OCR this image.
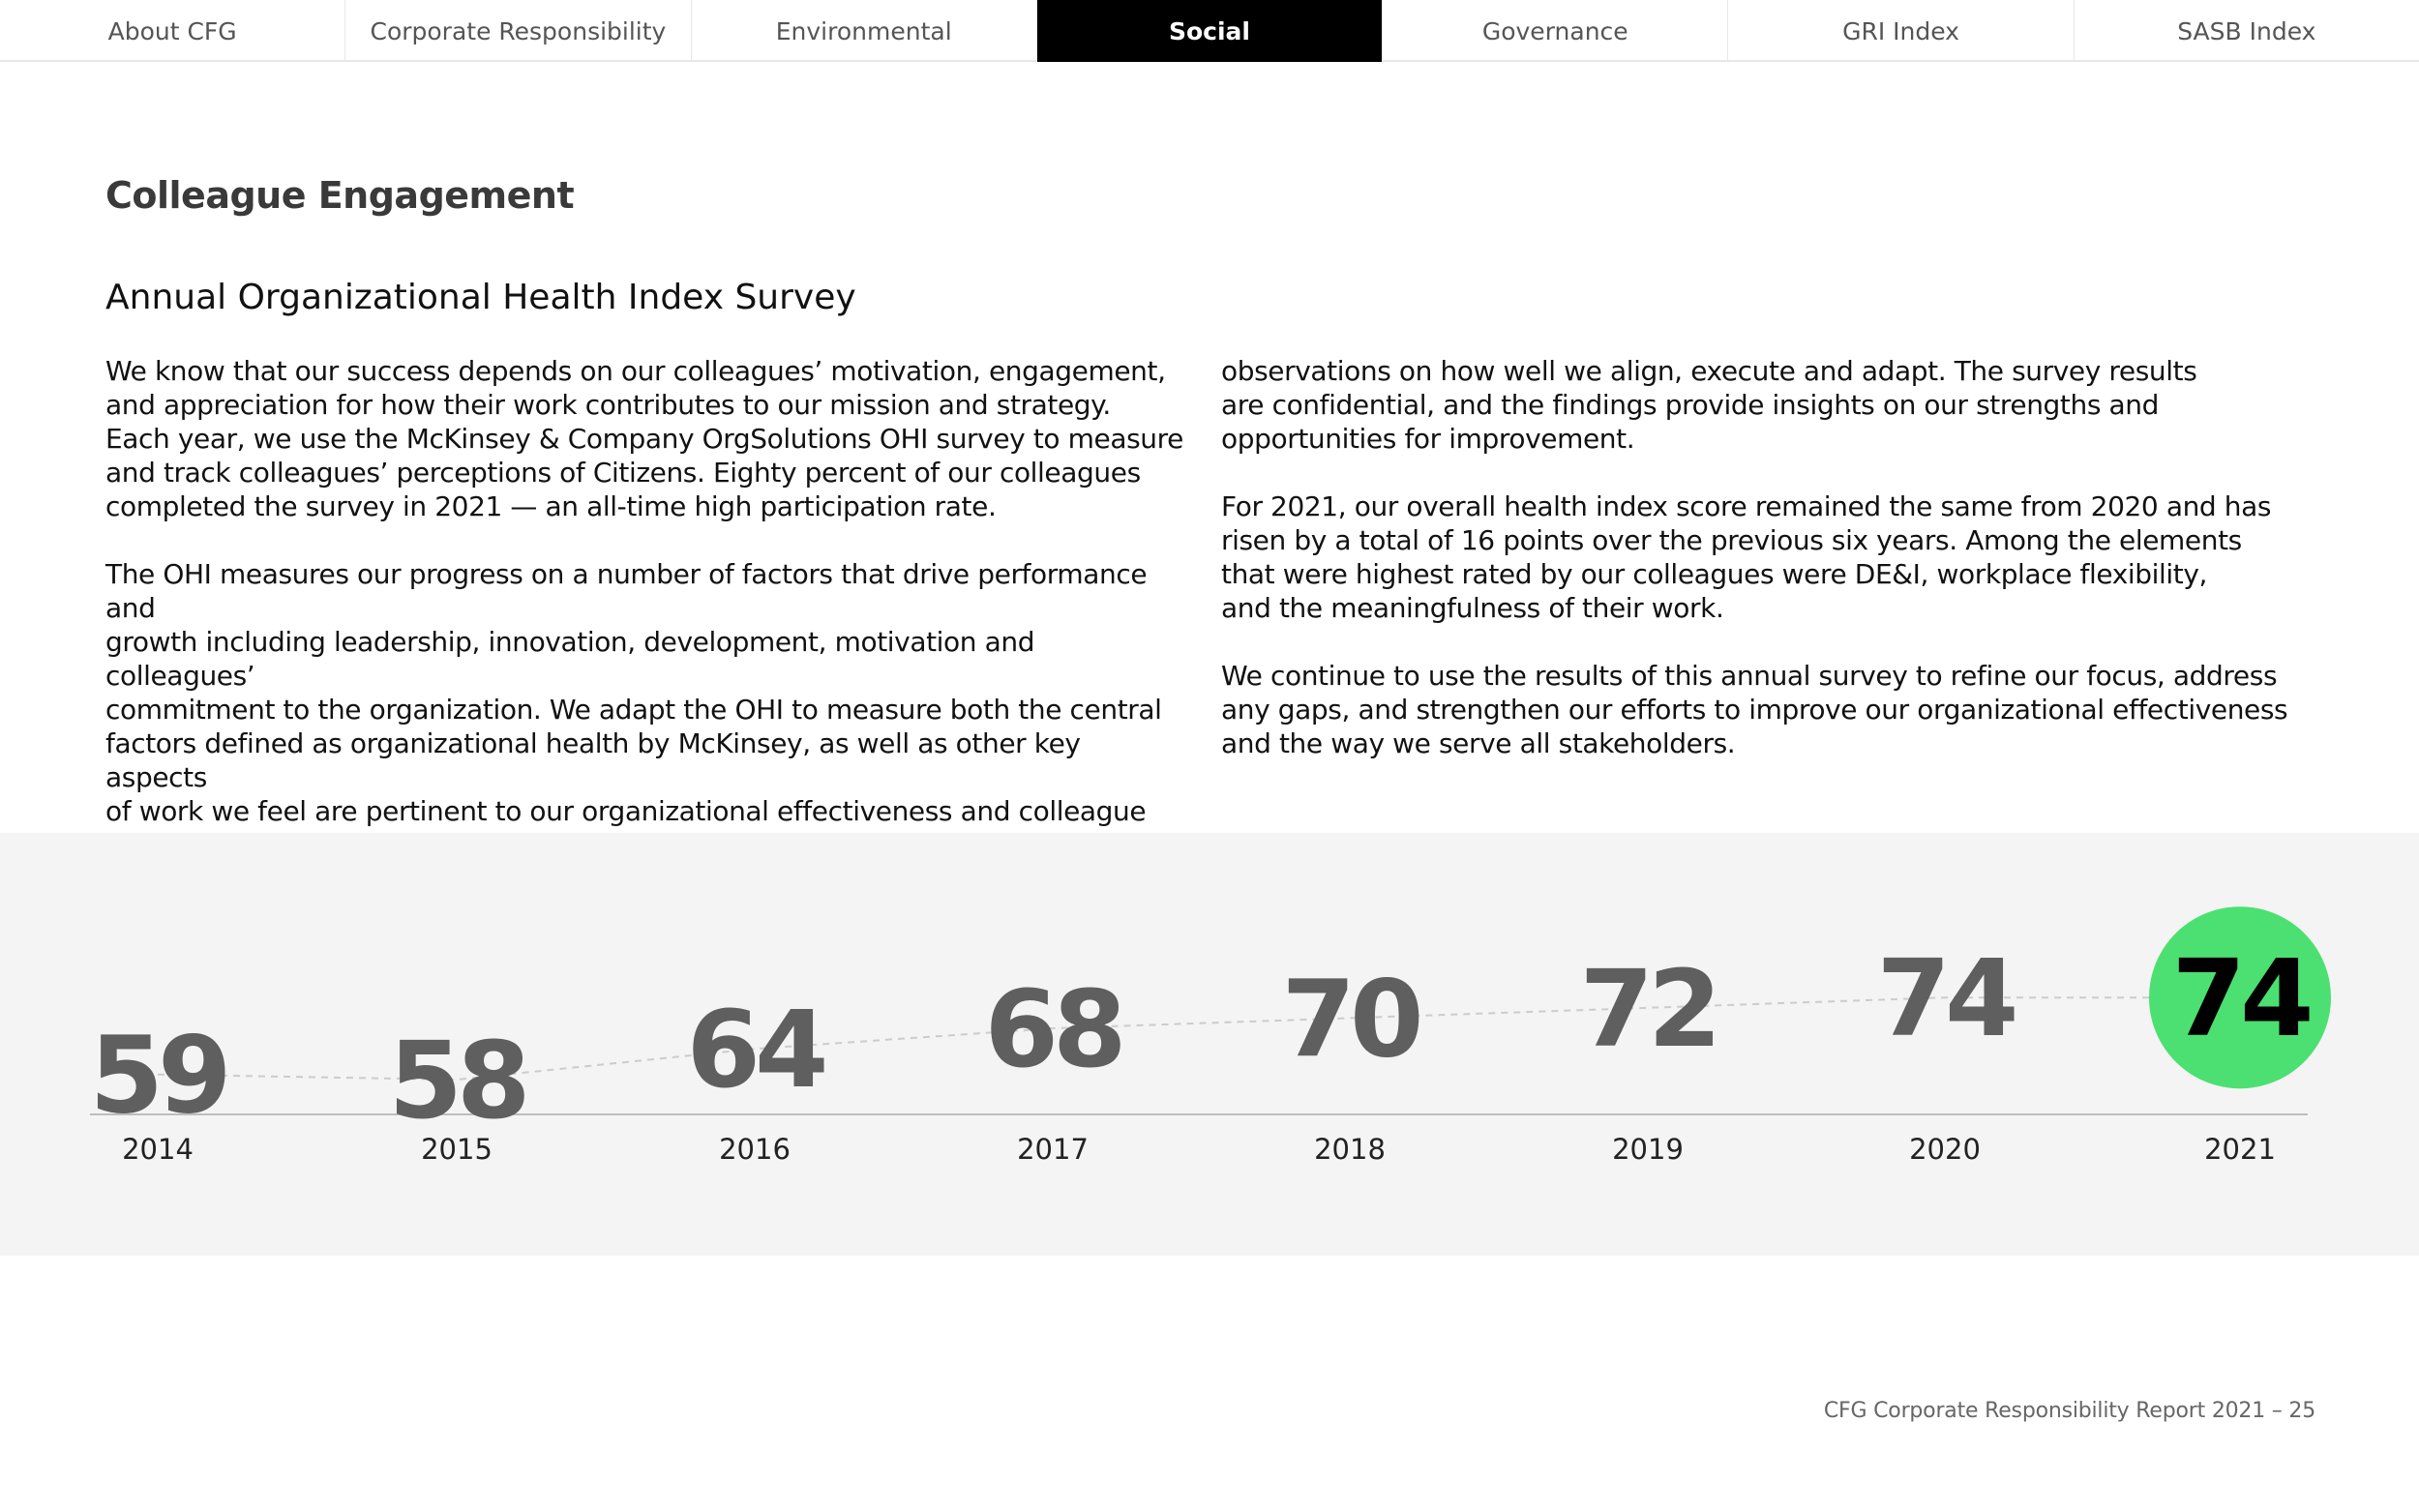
About CFG	Corporate Responsibility	Environmental	Social	Governance	GRI Index	SASB Index
Colleague Engagement
Annual Organizational Health Index Survey

We know that our success depends on our colleagues’ motivation, engagement,
and appreciation for how their work contributes to our mission and strategy.
Each year, we use the McKinsey & Company OrgSolutions OHI survey to measure
and track colleagues’ perceptions of Citizens. Eighty percent of our colleagues
completed the survey in 2021 — an all-time high participation rate.

The OHI measures our progress on a number of factors that drive performance and
growth including leadership, innovation, development, motivation and colleagues’
commitment to the organization. We adapt the OHI to measure both the central
factors defined as organizational health by McKinsey, as well as other key aspects
of work we feel are pertinent to our organizational effectiveness and colleague

observations on how well we align, execute and adapt. The survey results
are confidential, and the findings provide insights on our strengths and
opportunities for improvement.

For 2021, our overall health index score remained the same from 2020 and has
risen by a total of 16 points over the previous six years. Among the elements
that were highest rated by our colleagues were DE&I, workplace flexibility,
and the meaningfulness of their work.

We continue to use the results of this annual survey to refine our focus, address
any gaps, and strengthen our efforts to improve our organizational effectiveness
and the way we serve all stakeholders.

59
2014
58
2015
64
2016
68
2017
70
2018
72
2019
74
2020
74
2021
CFG Corporate Responsibility Report 2021 – 25
